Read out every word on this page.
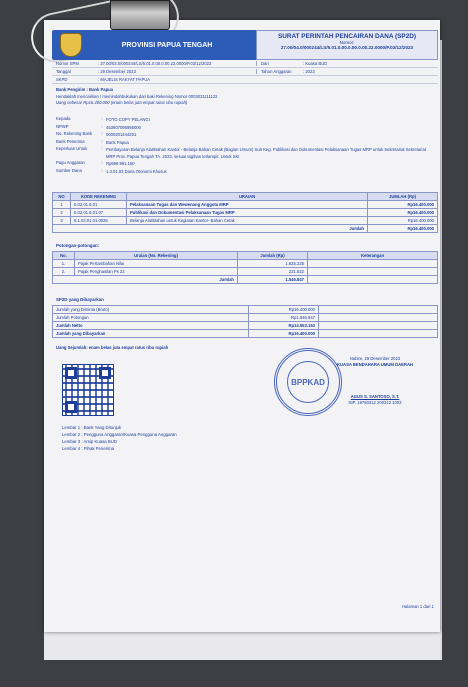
PROVINSI PAPUA TENGAH
SURAT PERINTAH PENCAIRAN DANA (SP2D)
Nomor:
27.00/04.0/000244/LS/5.01.0.00.0.00.0.00.22.0000/P.03/12/2023
Nomor SPM	: 27.00/03.0/000244/LS/5.01.0.00.0.00.22.0000/P.03/12/2023	Dari	: Kuasa BUD
Tanggal	: 29 Desember 2023	Tahun Anggaran	: 2023
SKPD	: MAJELIS RAKYAT PAPUA
Bank Pengirim : Bank Papua
Hendaklah mencairkan / memindahbukukan dari baki Rekening Nomor 0003021111122
Uang sebesar Rp16.400.000 (enam belas juta empat ratus ribu rupiah)
Kepada	: FOTO COPY PELANGI
NPWP	: 453607095956000
No. Rekening Bank	: 0000201444201
Bank Penerima	: Bank Papua
Keperluan Untuk	: Pembayaran Belanja Alat/Bahan Kantor - Belanja Bahan Cetak (Bagian Umum) Sub Keg. Publikasi dan Dokumentasi Pelaksanaan Tugas MRP untuk Sekretariat Sekretariat MRP Prov. Papua Tengah TA. 2023, sesuai tagihan terlampir. Untuk SKI
Pagu Anggaran	: Rp699.961.150
Sumber Dana	: 1.3.01.03 Dana Otonomi Khusus
NO	KODE REKENING	URAIAN	JUMLAH (Rp)
1	5.02.01.5.01	Pelaksanaan Tugas dan Wewenang Anggota MRP	Rp16.400.000
2	5.02.01.5.01.07	Publikasi dan Dokumentasi Pelaksanaan Tugas MRP	Rp16.400.000
3	5.1.02.01.01.0026	Belanja Alat/Bahan untuk Kegiatan Kantor- Bahan Cetak	Rp16.400.000
Jumlah			Rp16.400.000
Potongan-potongan:
No.	Uraian (No. Rekening)	Jumlah (Rp)	Keterangan
1.	Pajak Pertambahan Nilai	1.625.225	
2.	Pajak Penghasilan Ps 22	221.622	
Jumlah		1.546.847	
SP2D yang Dibayarkan
Jumlah yang Diminta (Bruto)	Rp16.400.000	
Jumlah Potongan	Rp1.846.847	
Jumlah Netto	Rp14.553.153	
Jumlah yang Dibayarkan	Rp16.400.000	
Uang Sejumlah: enam belas juta empat ratus ribu rupiah
Nabire, 29 Desember 2023
KUASA BENDAHARA UMUM DAERAH
AGUS S. SANTOSO, S.T.
NIP. 19780312 200312 1003
BPPKAD
Lembar 1 : Bank Yang Ditunjuk
Lembar 2 : Pengguna Anggaran/Kuasa Pengguna Anggaran
Lembar 3 : Arsip Kuasa BUD
Lembar 4 : Pihak Penerima
Halaman 1 dari 1
